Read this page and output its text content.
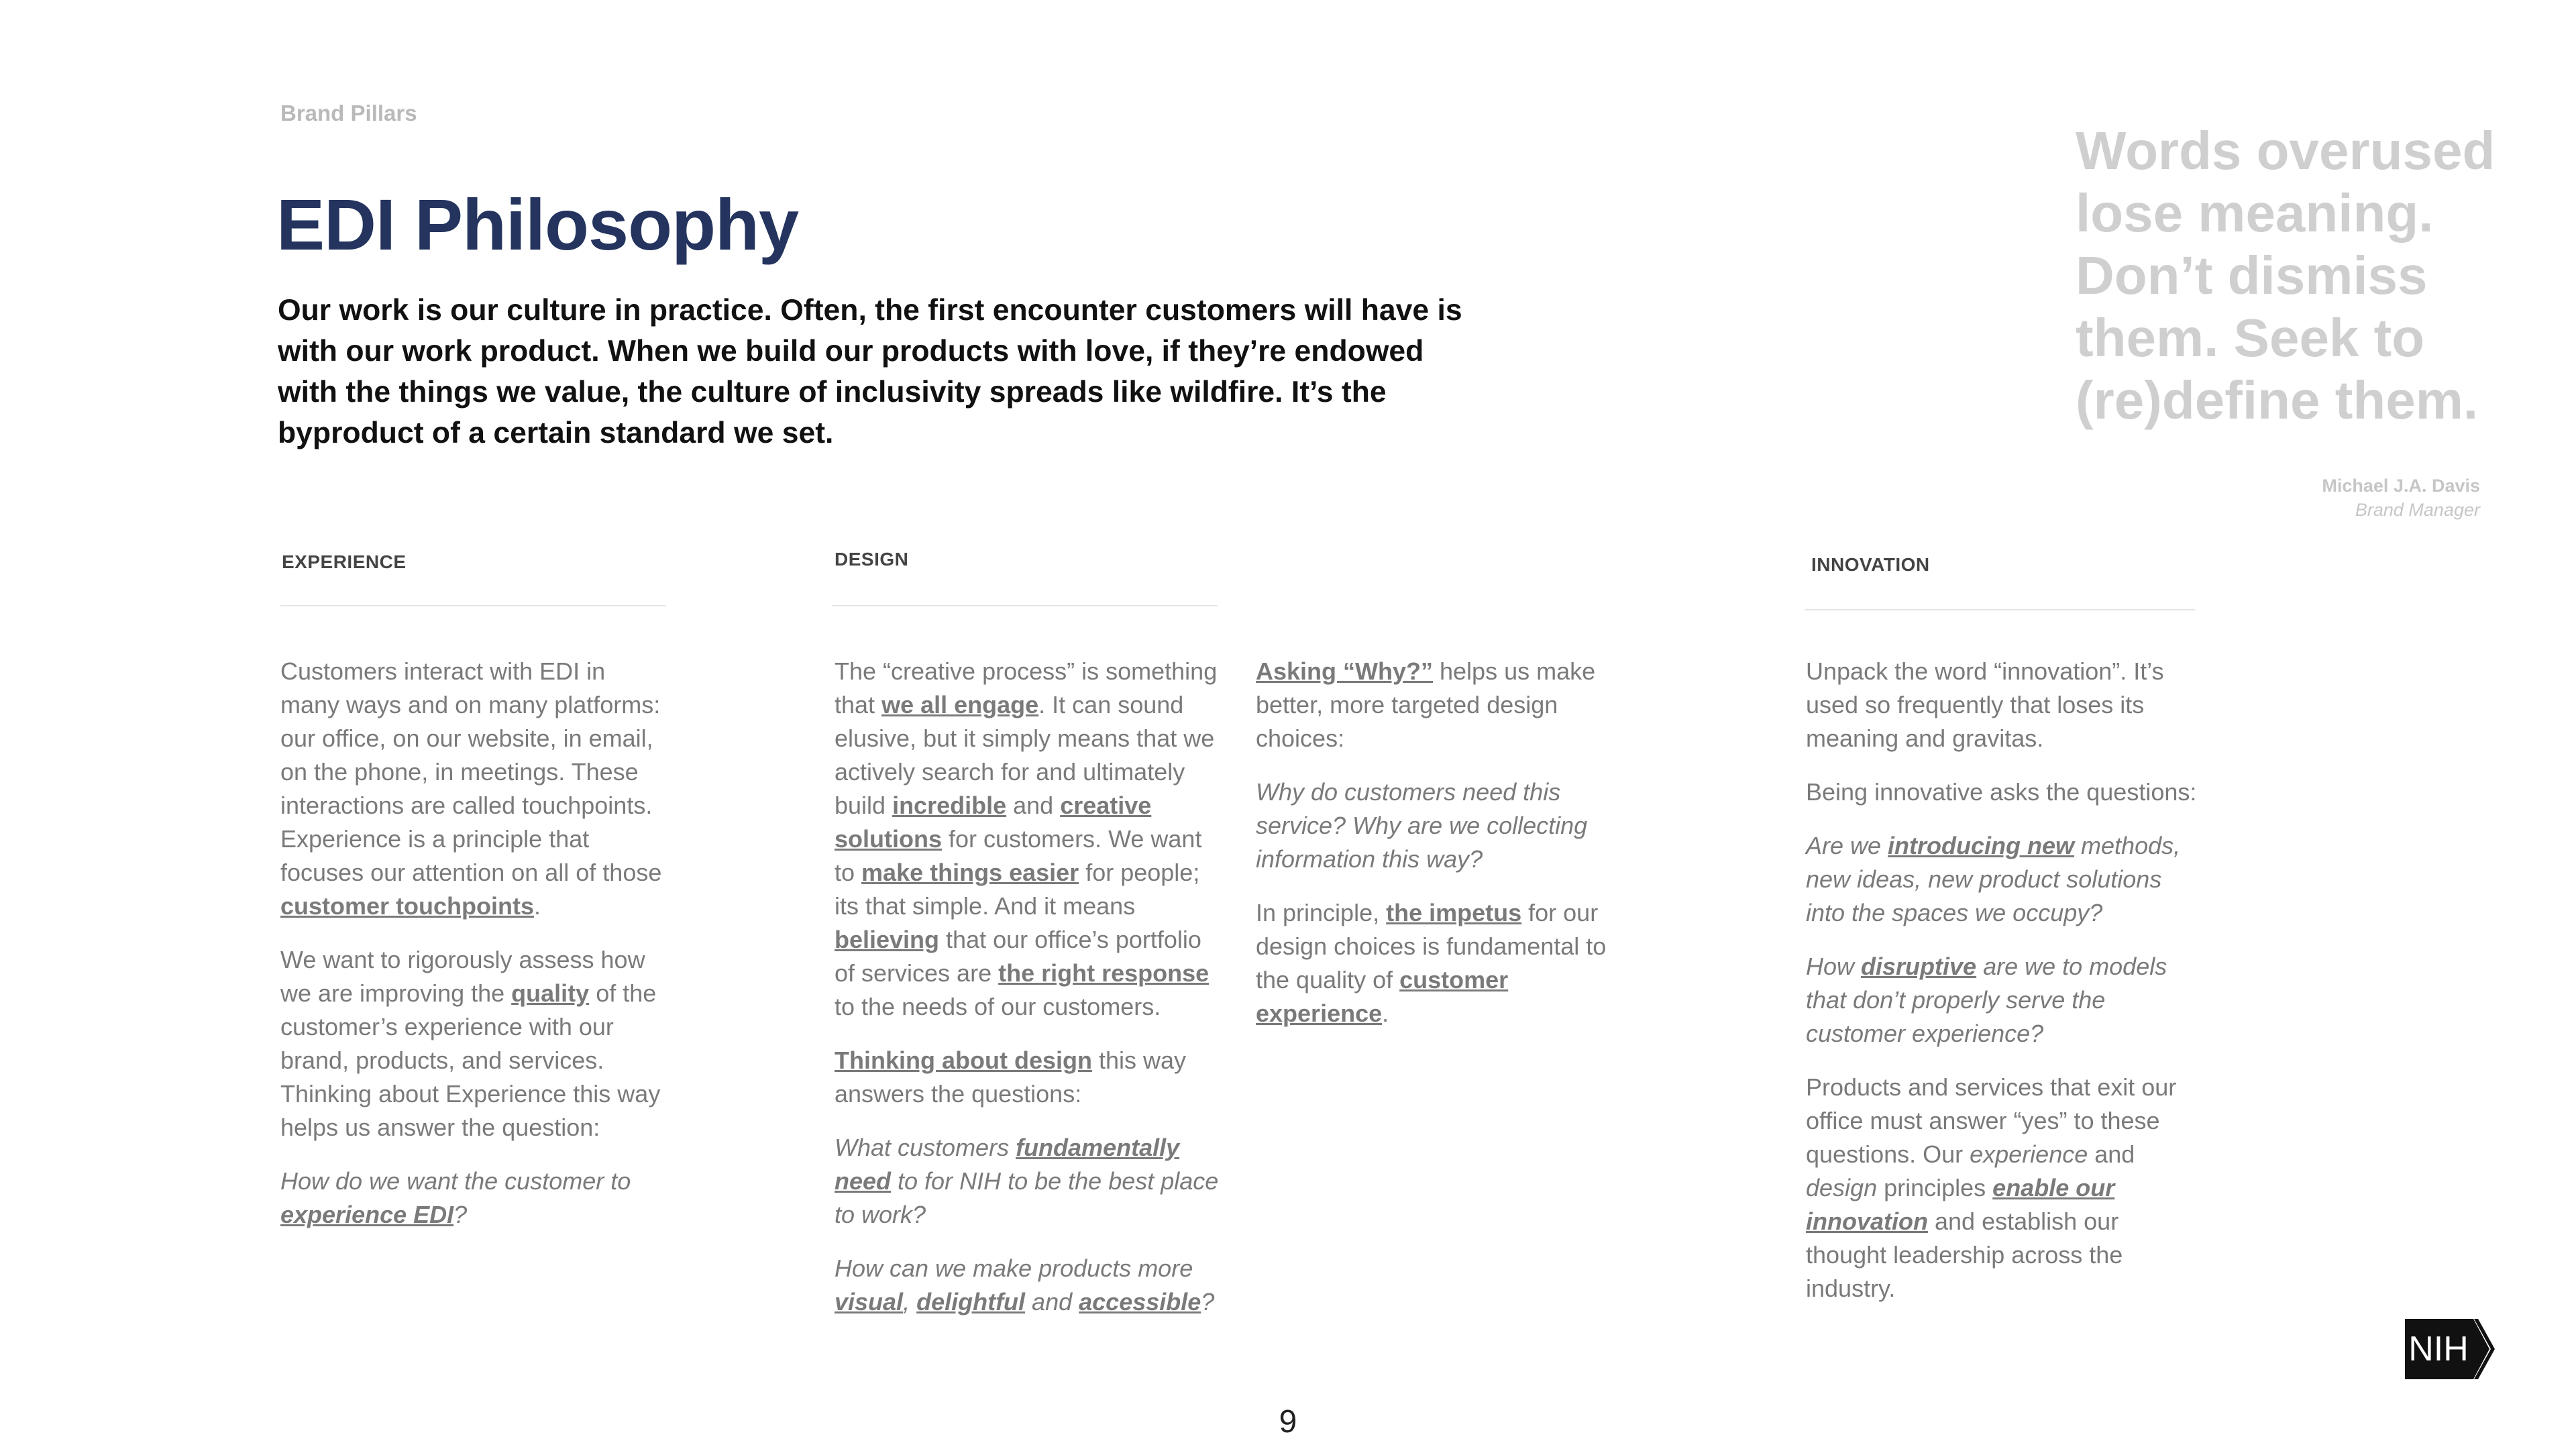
Brand Pillars
EDI Philosophy
Our work is our culture in practice. Often, the first encounter customers will have is with our work product. When we build our products with love, if they’re endowed with the things we value, the culture of inclusivity spreads like wildfire. It’s the byproduct of a certain standard we set.
Words overused lose meaning. Don’t dismiss them. Seek to (re)define them.
Michael J.A. Davis
Brand Manager
EXPERIENCE

Customers interact with EDI in many ways and on many platforms: our office, on our website, in email, on the phone, in meetings. These interactions are called touchpoints. Experience is a principle that focuses our attention on all of those customer touchpoints.

We want to rigorously assess how we are improving the quality of the customer’s experience with our brand, products, and services. Thinking about Experience this way helps us answer the question:

How do we want the customer to experience EDI?

DESIGN

The “creative process” is something that we all engage. It can sound elusive, but it simply means that we actively search for and ultimately build incredible and creative solutions for customers. We want to make things easier for people; its that simple. And it means believing that our office’s portfolio of services are the right response to the needs of our customers.

Thinking about design this way answers the questions:

What customers fundamentally need to for NIH to be the best place to work?

How can we make products more visual, delightful and accessible?

Asking “Why?” helps us make better, more targeted design choices:

Why do customers need this service? Why are we collecting information this way?

In principle, the impetus for our design choices is fundamental to the quality of customer experience.

INNOVATION

Unpack the word “innovation”. It’s used so frequently that loses its meaning and gravitas.

Being innovative asks the questions:

Are we introducing new methods, new ideas, new product solutions into the spaces we occupy?

How disruptive are we to models that don’t properly serve the customer experience?

Products and services that exit our office must answer “yes” to these questions. Our experience and design principles enable our innovation and establish our thought leadership across the industry.

9
NIH
